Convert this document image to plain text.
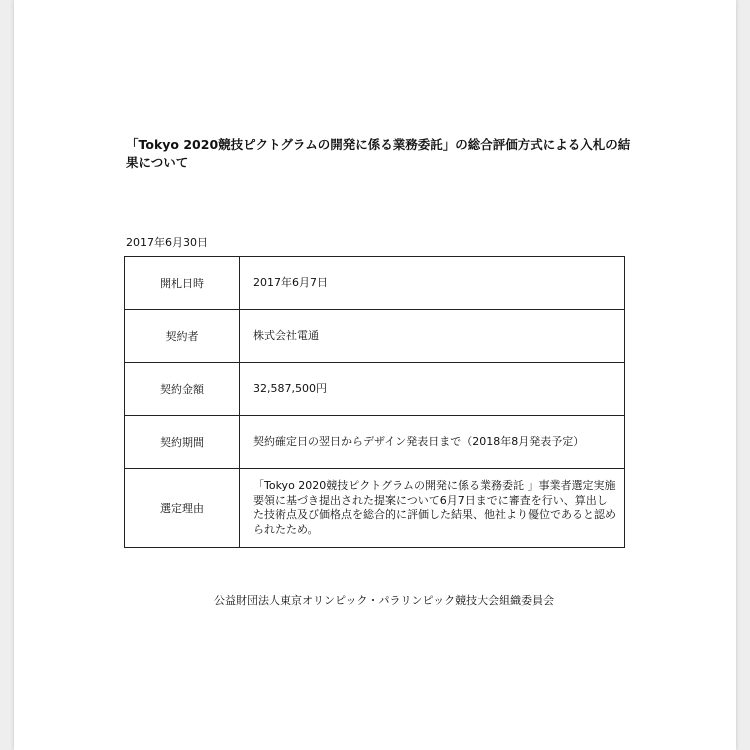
「Tokyo 2020競技ピクトグラムの開発に係る業務委託」の総合評価方式による入札の結果について

2017年6月30日

開札日時	2017年6月7日
契約者	株式会社電通
契約金額	32,587,500円
契約期間	契約確定日の翌日からデザイン発表日まで（2018年8月発表予定）
選定理由	「Tokyo 2020競技ピクトグラムの開発に係る業務委託 」事業者選定実施要領に基づき提出された提案について6月7日までに審査を行い、算出した技術点及び価格点を総合的に評価した結果、他社より優位であると認められたため。

公益財団法人東京オリンピック・パラリンピック競技大会組織委員会
